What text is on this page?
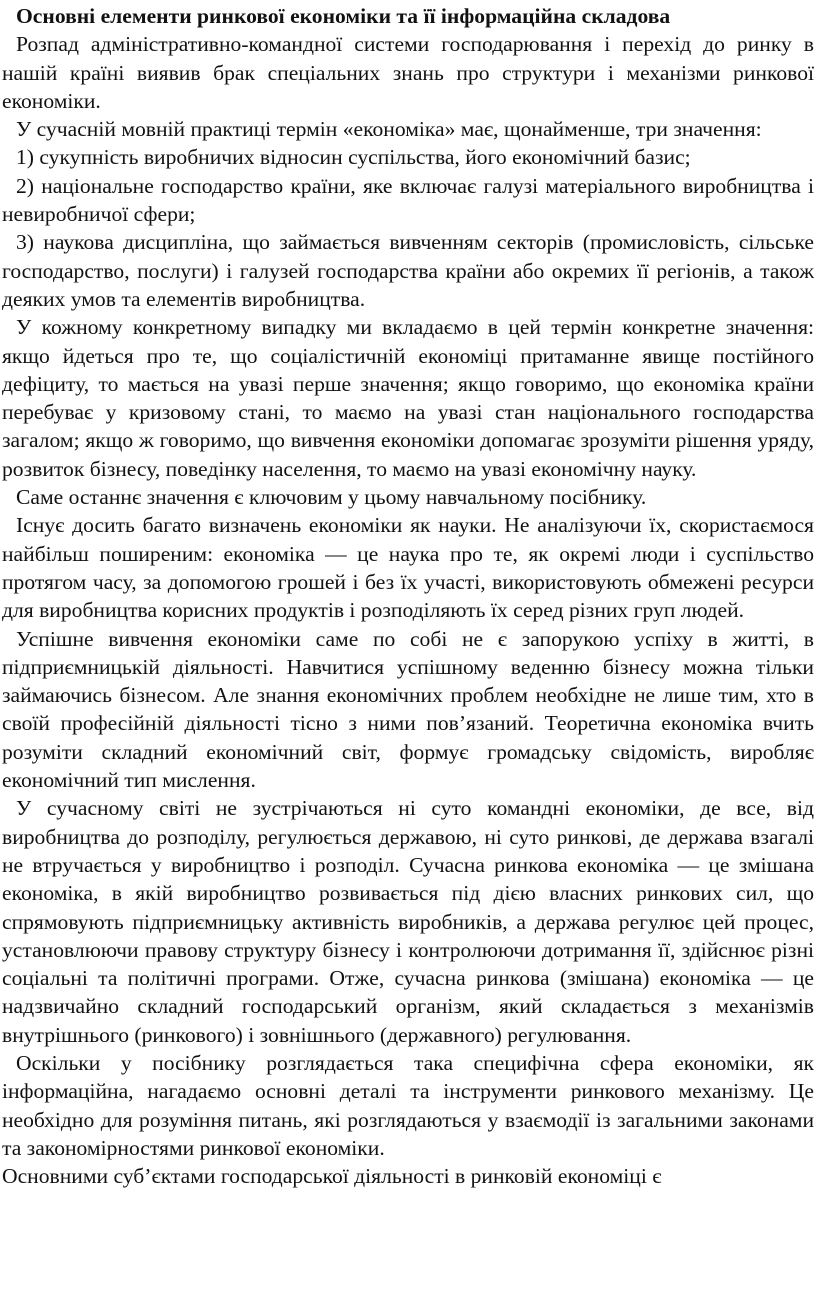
Основні елементи ринкової економіки та її інформаційна складова

Розпад адміністративно-командної системи господарювання і перехід до ринку в нашій країні виявив брак спеціальних знань про структури і механізми ринкової економіки.

У сучасній мовній практиці термін «економіка» має, щонайменше, три значення:

1) сукупність виробничих відносин суспільства, його економічний базис;

2) національне господарство країни, яке включає галузі матеріального виробництва і невиробничої сфери;

3) наукова дисципліна, що займається вивченням секторів (промисловість, сільське господарство, послуги) і галузей господарства країни або окремих її регіонів, а також деяких умов та елементів виробництва.

У кожному конкретному випадку ми вкладаємо в цей термін конкретне значення: якщо йдеться про те, що соціалістичній економіці притаманне явище постійного дефіциту, то мається на увазі перше значення; якщо говоримо, що економіка країни перебуває у кризовому стані, то маємо на увазі стан національного господарства загалом; якщо ж говоримо, що вивчення економіки допомагає зрозуміти рішення уряду, розвиток бізнесу, поведінку населення, то маємо на увазі економічну науку.

Саме останнє значення є ключовим у цьому навчальному посібнику.

Існує досить багато визначень економіки як науки. Не аналізуючи їх, скористаємося найбільш поширеним: економіка — це наука про те, як окремі люди і суспільство протягом часу, за допомогою грошей і без їх участі, використовують обмежені ресурси для виробництва корисних продуктів і розподіляють їх серед різних груп людей.

Успішне вивчення економіки саме по собі не є запорукою успіху в житті, в підприємницькій діяльності. Навчитися успішному веденню бізнесу можна тільки займаючись бізнесом. Але знання економічних проблем необхідне не лише тим, хто в своїй професійній діяльності тісно з ними пов’язаний. Теоретична економіка вчить розуміти складний економічний світ, формує громадську свідомість, виробляє економічний тип мислення.

У сучасному світі не зустрічаються ні суто командні економіки, де все, від виробництва до розподілу, регулюється державою, ні суто ринкові, де держава взагалі не втручається у виробництво і розподіл. Сучасна ринкова економіка — це змішана економіка, в якій виробництво розвивається під дією власних ринкових сил, що спрямовують підприємницьку активність виробників, а держава регулює цей процес, установлюючи правову структуру бізнесу і контролюючи дотримання її, здійснює різні соціальні та політичні програми. Отже, сучасна ринкова (змішана) економіка — це надзвичайно складний господарський організм, який складається з механізмів внутрішнього (ринкового) і зовнішнього (державного) регулювання.

Оскільки у посібнику розглядається така специфічна сфера економіки, як інформаційна, нагадаємо основні деталі та інструменти ринкового механізму. Це необхідно для розуміння питань, які розглядаються у взаємодії із загальними законами та закономірностями ринкової економіки.

Основними суб’єктами господарської діяльності в ринковій економіці є
